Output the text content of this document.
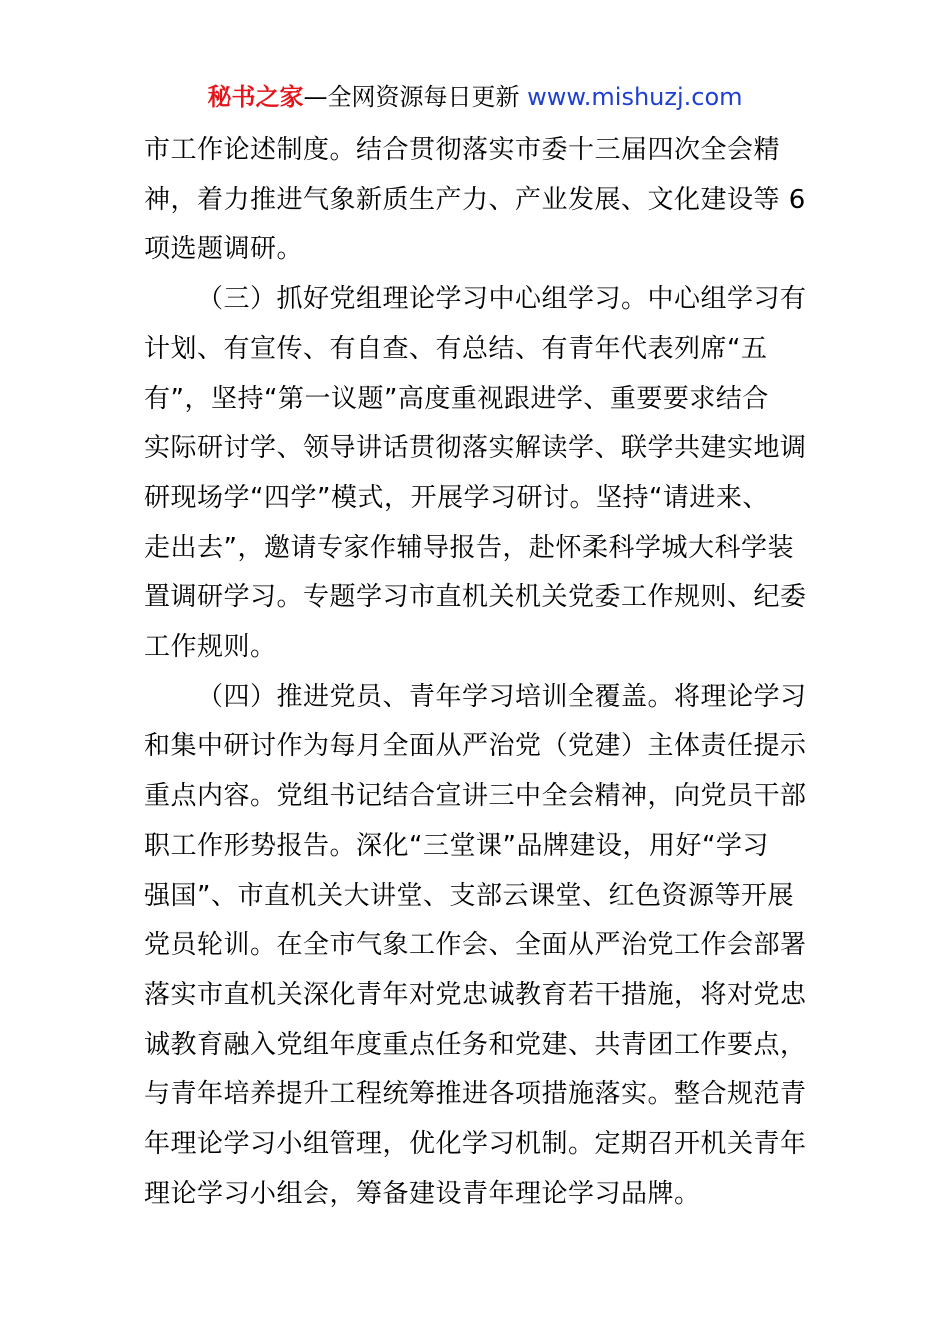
秘书之家—全网资源每日更新 www.mishuzj.com

市工作论述制度。结合贯彻落实市委十三届四次全会精
神，着力推进气象新质生产力、产业发展、文化建设等 6
项选题调研。

（三）抓好党组理论学习中心组学习。中心组学习有
计划、有宣传、有自查、有总结、有青年代表列席“五
有”，坚持“第一议题”高度重视跟进学、重要要求结合
实际研讨学、领导讲话贯彻落实解读学、联学共建实地调
研现场学“四学”模式，开展学习研讨。坚持“请进来、
走出去”，邀请专家作辅导报告，赴怀柔科学城大科学装
置调研学习。专题学习市直机关机关党委工作规则、纪委
工作规则。

（四）推进党员、青年学习培训全覆盖。将理论学习
和集中研讨作为每月全面从严治党（党建）主体责任提示
重点内容。党组书记结合宣讲三中全会精神，向党员干部
职工作形势报告。深化“三堂课”品牌建设，用好“学习
强国”、市直机关大讲堂、支部云课堂、红色资源等开展
党员轮训。在全市气象工作会、全面从严治党工作会部署
落实市直机关深化青年对党忠诚教育若干措施，将对党忠
诚教育融入党组年度重点任务和党建、共青团工作要点，
与青年培养提升工程统筹推进各项措施落实。整合规范青
年理论学习小组管理，优化学习机制。定期召开机关青年
理论学习小组会，筹备建设青年理论学习品牌。
